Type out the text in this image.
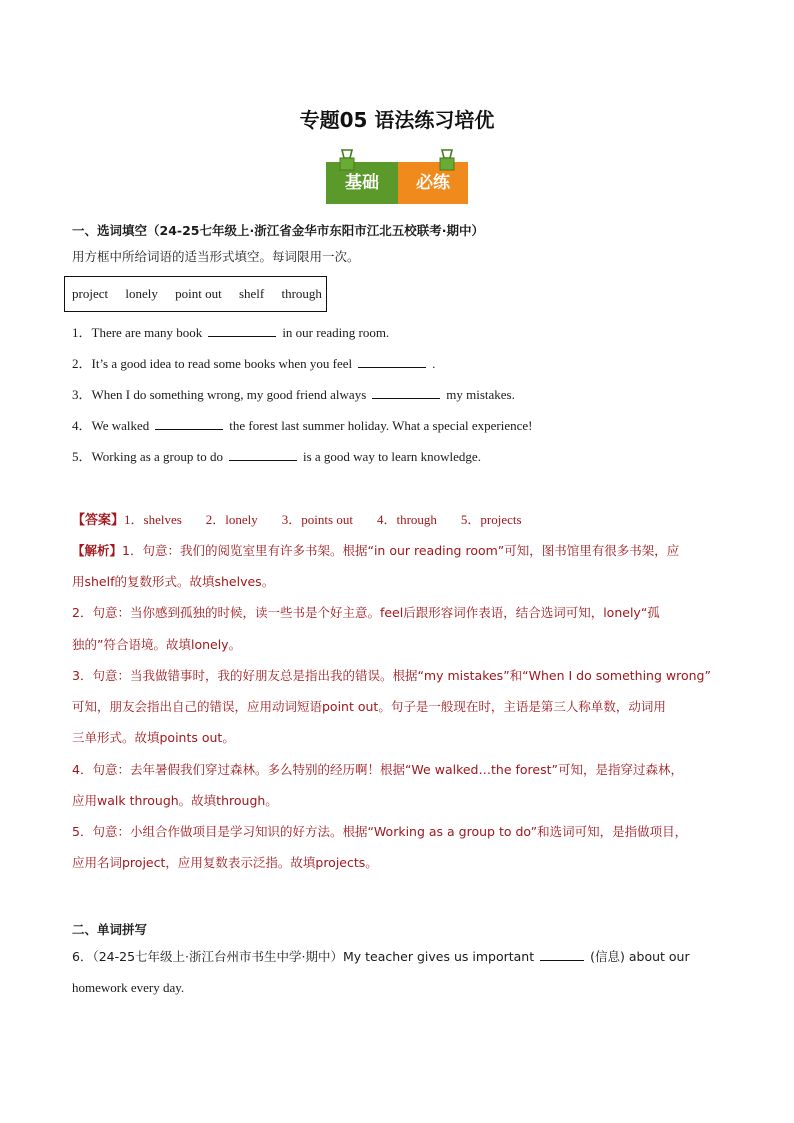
专题05 语法练习培优
基础	必练
一、选词填空（24-25七年级上·浙江省金华市东阳市江北五校联考·期中）
用方框中所给词语的适当形式填空。每词限用一次。
project lonely point out shelf through
1．There are many book	in our reading room.
2．It’s a good idea to read some books when you feel	.
3．When I do something wrong, my good friend always	my mistakes.
4．We walked	the forest last summer holiday. What a special experience!
5．Working as a group to do	is a good way to learn knowledge.
【答案】1．shelves 2．lonely 3．points out 4．through 5．projects
【解析】1．句意：我们的阅览室里有许多书架。根据“in our reading room”可知，图书馆里有很多书架，应
用shelf的复数形式。故填shelves。
2．句意：当你感到孤独的时候，读一些书是个好主意。feel后跟形容词作表语，结合选词可知，lonely“孤
独的”符合语境。故填lonely。
3．句意：当我做错事时，我的好朋友总是指出我的错误。根据“my mistakes”和“When I do something wrong”
可知，朋友会指出自己的错误，应用动词短语point out。句子是一般现在时，主语是第三人称单数，动词用
三单形式。故填points out。
4．句意：去年暑假我们穿过森林。多么特别的经历啊！根据“We walked…the forest”可知，是指穿过森林，
应用walk through。故填through。
5．句意：小组合作做项目是学习知识的好方法。根据“Working as a group to do”和选词可知，是指做项目，
应用名词project，应用复数表示泛指。故填projects。
二、单词拼写
6．（24-25七年级上·浙江台州市书生中学·期中）My teacher gives us important	(信息) about our
homework every day.
